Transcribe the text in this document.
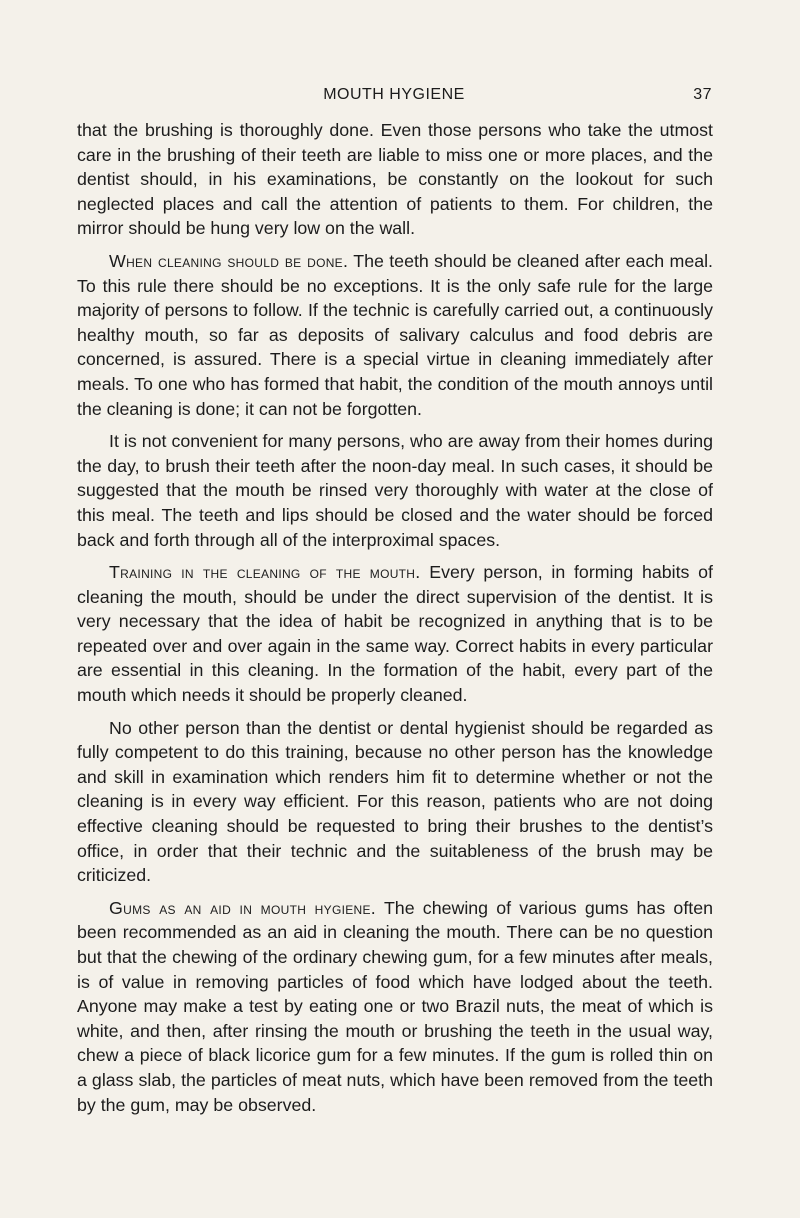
MOUTH HYGIENE	37

that the brushing is thoroughly done. Even those persons who take the utmost care in the brushing of their teeth are liable to miss one or more places, and the dentist should, in his examinations, be constantly on the lookout for such neglected places and call the attention of patients to them. For children, the mirror should be hung very low on the wall.

When cleaning should be done. The teeth should be cleaned after each meal. To this rule there should be no exceptions. It is the only safe rule for the large majority of persons to follow. If the technic is carefully carried out, a continuously healthy mouth, so far as deposits of salivary calculus and food debris are concerned, is assured. There is a special virtue in cleaning immediately after meals. To one who has formed that habit, the condition of the mouth annoys until the cleaning is done; it can not be forgotten.

It is not convenient for many persons, who are away from their homes during the day, to brush their teeth after the noon-day meal. In such cases, it should be suggested that the mouth be rinsed very thoroughly with water at the close of this meal. The teeth and lips should be closed and the water should be forced back and forth through all of the interproximal spaces.

Training in the cleaning of the mouth. Every person, in forming habits of cleaning the mouth, should be under the direct supervision of the dentist. It is very necessary that the idea of habit be recognized in anything that is to be repeated over and over again in the same way. Correct habits in every particular are essential in this cleaning. In the formation of the habit, every part of the mouth which needs it should be properly cleaned.

No other person than the dentist or dental hygienist should be regarded as fully competent to do this training, because no other person has the knowledge and skill in examination which renders him fit to determine whether or not the cleaning is in every way efficient. For this reason, patients who are not doing effective cleaning should be requested to bring their brushes to the dentist’s office, in order that their technic and the suitableness of the brush may be criticized.

Gums as an aid in mouth hygiene. The chewing of various gums has often been recommended as an aid in cleaning the mouth. There can be no question but that the chewing of the ordinary chewing gum, for a few minutes after meals, is of value in removing particles of food which have lodged about the teeth. Anyone may make a test by eating one or two Brazil nuts, the meat of which is white, and then, after rinsing the mouth or brushing the teeth in the usual way, chew a piece of black licorice gum for a few minutes. If the gum is rolled thin on a glass slab, the particles of meat nuts, which have been removed from the teeth by the gum, may be observed.
